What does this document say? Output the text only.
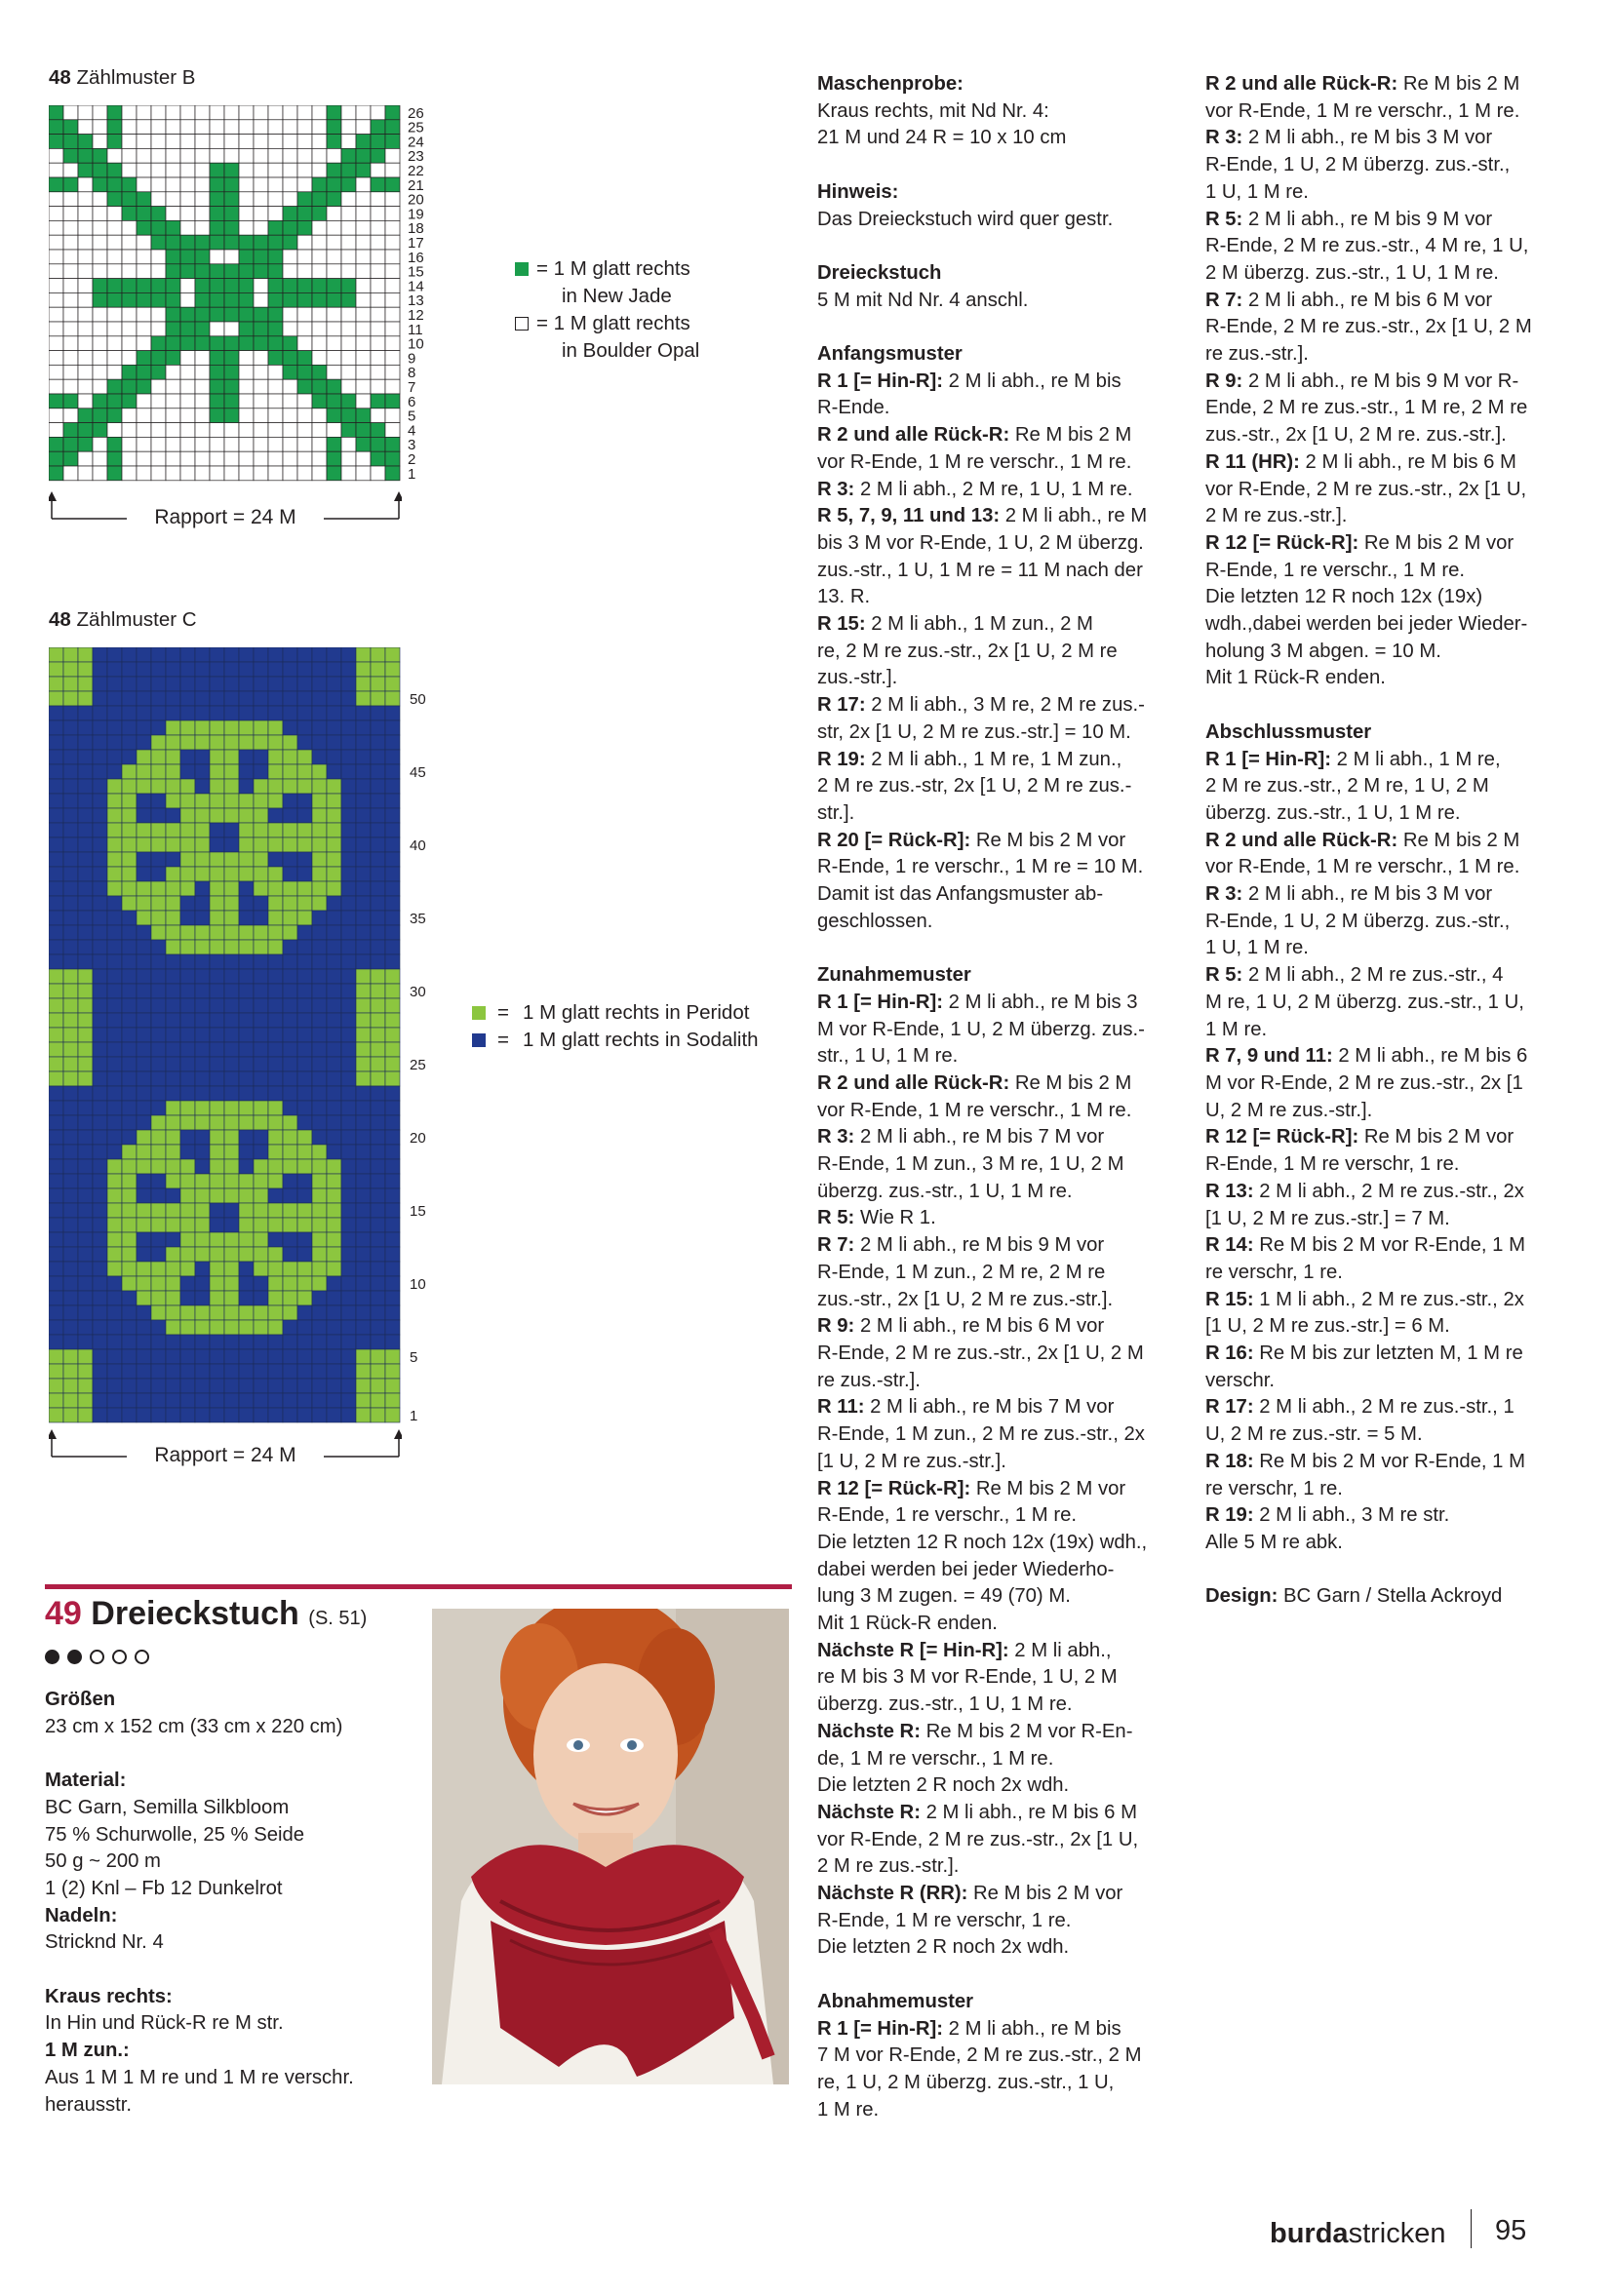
48 Zählmuster B
26
25
24
23
22
21
20
19
18
17
16
15
14
13
12
11
10
9
8
7
6
5
4
3
2
1
Rapport = 24 M
= 1 M glatt rechts
in New Jade
= 1 M glatt rechts
in Boulder Opal
48 Zählmuster C
50
45
40
35
30
25
20
15
10
5
1
Rapport = 24 M
= 1 M glatt rechts in Peridot
= 1 M glatt rechts in Sodalith
49 Dreieckstuch (S. 51)

Größen

23 cm x 152 cm (33 cm x 220 cm)

Material:

BC Garn, Semilla Silkbloom

75 % Schurwolle, 25 % Seide

50 g ~ 200 m

1 (2) Knl – Fb 12 Dunkelrot

Nadeln:

Stricknd Nr. 4

Kraus rechts:

In Hin und Rück-R re M str.

1 M zun.:

Aus 1 M 1 M re und 1 M re verschr.

herausstr.

Maschenprobe:

Kraus rechts, mit Nd Nr. 4:

21 M und 24 R = 10 x 10 cm

Hinweis:

Das Dreieckstuch wird quer gestr.

Dreieckstuch

5 M mit Nd Nr. 4 anschl.

Anfangsmuster

R 1 [= Hin-R]: 2 M li abh., re M bis

R-Ende.

R 2 und alle Rück-R: Re M bis 2 M

vor R-Ende, 1 M re verschr., 1 M re.

R 3: 2 M li abh., 2 M re, 1 U, 1 M re.

R 5, 7, 9, 11 und 13: 2 M li abh., re M

bis 3 M vor R-Ende, 1 U, 2 M überzg.

zus.-str., 1 U, 1 M re = 11 M nach der

13. R.

R 15: 2 M li abh., 1 M zun., 2 M

re, 2 M re zus.-str., 2x [1 U, 2 M re

zus.-str.].

R 17: 2 M li abh., 3 M re, 2 M re zus.-

str, 2x [1 U, 2 M re zus.-str.] = 10 M.

R 19: 2 M li abh., 1 M re, 1 M zun.,

2 M re zus.-str, 2x [1 U, 2 M re zus.-

str.].

R 20 [= Rück-R]: Re M bis 2 M vor

R-Ende, 1 re verschr., 1 M re = 10 M.

Damit ist das Anfangsmuster ab-

geschlossen.

Zunahmemuster

R 1 [= Hin-R]: 2 M li abh., re M bis 3

M vor R-Ende, 1 U, 2 M überzg. zus.-

str., 1 U, 1 M re.

R 2 und alle Rück-R: Re M bis 2 M

vor R-Ende, 1 M re verschr., 1 M re.

R 3: 2 M li abh., re M bis 7 M vor

R-Ende, 1 M zun., 3 M re, 1 U, 2 M

überzg. zus.-str., 1 U, 1 M re.

R 5: Wie R 1.

R 7: 2 M li abh., re M bis 9 M vor

R-Ende, 1 M zun., 2 M re, 2 M re

zus.-str., 2x [1 U, 2 M re zus.-str.].

R 9: 2 M li abh., re M bis 6 M vor

R-Ende, 2 M re zus.-str., 2x [1 U, 2 M

re zus.-str.].

R 11: 2 M li abh., re M bis 7 M vor

R-Ende, 1 M zun., 2 M re zus.-str., 2x

[1 U, 2 M re zus.-str.].

R 12 [= Rück-R]: Re M bis 2 M vor

R-Ende, 1 re verschr., 1 M re.

Die letzten 12 R noch 12x (19x) wdh.,

dabei werden bei jeder Wiederho-

lung 3 M zugen. = 49 (70) M.

Mit 1 Rück-R enden.

Nächste R [= Hin-R]: 2 M li abh.,

re M bis 3 M vor R-Ende, 1 U, 2 M

überzg. zus.-str., 1 U, 1 M re.

Nächste R: Re M bis 2 M vor R-En-

de, 1 M re verschr., 1 M re.

Die letzten 2 R noch 2x wdh.

Nächste R: 2 M li abh., re M bis 6 M

vor R-Ende, 2 M re zus.-str., 2x [1 U,

2 M re zus.-str.].

Nächste R (RR): Re M bis 2 M vor

R-Ende, 1 M re verschr, 1 re.

Die letzten 2 R noch 2x wdh.

Abnahmemuster

R 1 [= Hin-R]: 2 M li abh., re M bis

7 M vor R-Ende, 2 M re zus.-str., 2 M

re, 1 U, 2 M überzg. zus.-str., 1 U,

1 M re.

R 2 und alle Rück-R: Re M bis 2 M

vor R-Ende, 1 M re verschr., 1 M re.

R 3: 2 M li abh., re M bis 3 M vor

R-Ende, 1 U, 2 M überzg. zus.-str.,

1 U, 1 M re.

R 5: 2 M li abh., re M bis 9 M vor

R-Ende, 2 M re zus.-str., 4 M re, 1 U,

2 M überzg. zus.-str., 1 U, 1 M re.

R 7: 2 M li abh., re M bis 6 M vor

R-Ende, 2 M re zus.-str., 2x [1 U, 2 M

re zus.-str.].

R 9: 2 M li abh., re M bis 9 M vor R-

Ende, 2 M re zus.-str., 1 M re, 2 M re

zus.-str., 2x [1 U, 2 M re. zus.-str.].

R 11 (HR): 2 M li abh., re M bis 6 M

vor R-Ende, 2 M re zus.-str., 2x [1 U,

2 M re zus.-str.].

R 12 [= Rück-R]: Re M bis 2 M vor

R-Ende, 1 re verschr., 1 M re.

Die letzten 12 R noch 12x (19x)

wdh.,dabei werden bei jeder Wieder-

holung 3 M abgen. = 10 M.

Mit 1 Rück-R enden.

Abschlussmuster

R 1 [= Hin-R]: 2 M li abh., 1 M re,

2 M re zus.-str., 2 M re, 1 U, 2 M

überzg. zus.-str., 1 U, 1 M re.

R 2 und alle Rück-R: Re M bis 2 M

vor R-Ende, 1 M re verschr., 1 M re.

R 3: 2 M li abh., re M bis 3 M vor

R-Ende, 1 U, 2 M überzg. zus.-str.,

1 U, 1 M re.

R 5: 2 M li abh., 2 M re zus.-str., 4

M re, 1 U, 2 M überzg. zus.-str., 1 U,

1 M re.

R 7, 9 und 11: 2 M li abh., re M bis 6

M vor R-Ende, 2 M re zus.-str., 2x [1

U, 2 M re zus.-str.].

R 12 [= Rück-R]: Re M bis 2 M vor

R-Ende, 1 M re verschr, 1 re.

R 13: 2 M li abh., 2 M re zus.-str., 2x

[1 U, 2 M re zus.-str.] = 7 M.

R 14: Re M bis 2 M vor R-Ende, 1 M

re verschr, 1 re.

R 15: 1 M li abh., 2 M re zus.-str., 2x

[1 U, 2 M re zus.-str.] = 6 M.

R 16: Re M bis zur letzten M, 1 M re

verschr.

R 17: 2 M li abh., 2 M re zus.-str., 1

U, 2 M re zus.-str. = 5 M.

R 18: Re M bis 2 M vor R-Ende, 1 M

re verschr, 1 re.

R 19: 2 M li abh., 3 M re str.

Alle 5 M re abk.

Design: BC Garn / Stella Ackroyd

burdastricken 95
